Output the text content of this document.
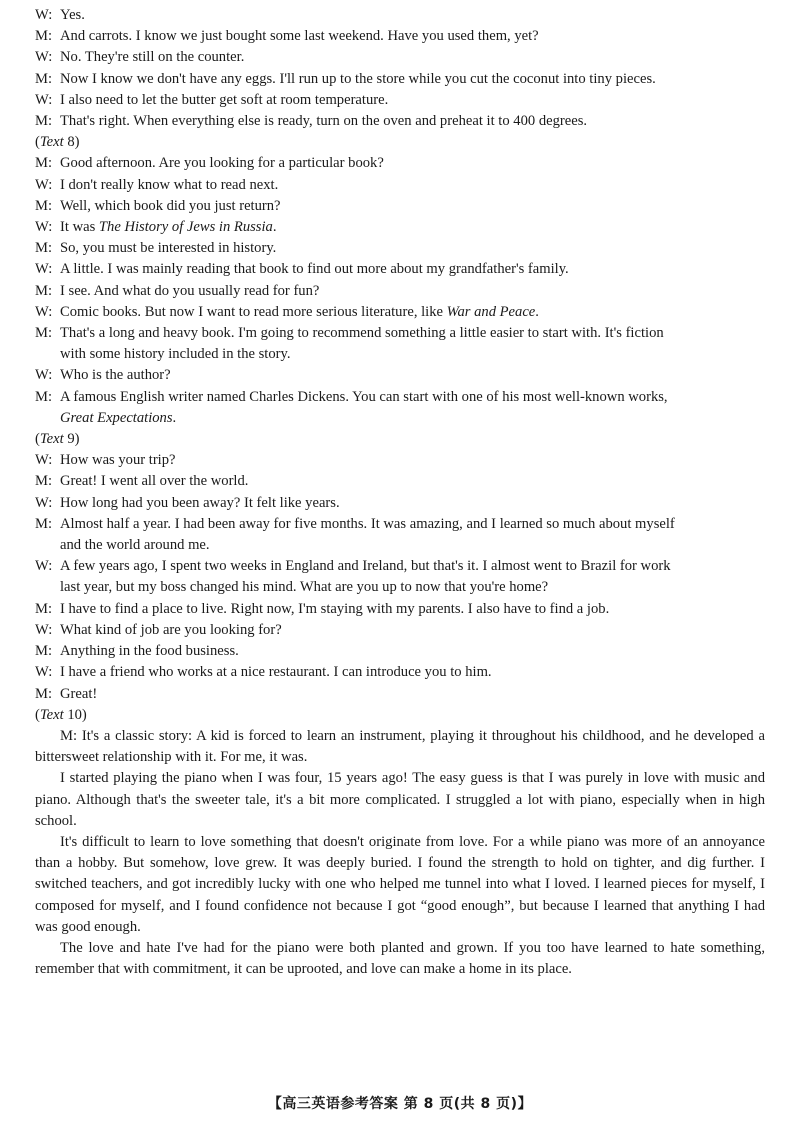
W: Yes.
M: And carrots. I know we just bought some last weekend. Have you used them, yet?
W: No. They're still on the counter.
M: Now I know we don't have any eggs. I'll run up to the store while you cut the coconut into tiny pieces.
W: I also need to let the butter get soft at room temperature.
M: That's right. When everything else is ready, turn on the oven and preheat it to 400 degrees.
(Text 8)
M: Good afternoon. Are you looking for a particular book?
W: I don't really know what to read next.
M: Well, which book did you just return?
W: It was The History of Jews in Russia.
M: So, you must be interested in history.
W: A little. I was mainly reading that book to find out more about my grandfather's family.
M: I see. And what do you usually read for fun?
W: Comic books. But now I want to read more serious literature, like War and Peace.
M: That's a long and heavy book. I'm going to recommend something a little easier to start with. It's fiction
with some history included in the story.
W: Who is the author?
M: A famous English writer named Charles Dickens. You can start with one of his most well-known works,
Great Expectations.
(Text 9)
W: How was your trip?
M: Great! I went all over the world.
W: How long had you been away? It felt like years.
M: Almost half a year. I had been away for five months. It was amazing, and I learned so much about myself
and the world around me.
W: A few years ago, I spent two weeks in England and Ireland, but that's it. I almost went to Brazil for work
last year, but my boss changed his mind. What are you up to now that you're home?
M: I have to find a place to live. Right now, I'm staying with my parents. I also have to find a job.
W: What kind of job are you looking for?
M: Anything in the food business.
W: I have a friend who works at a nice restaurant. I can introduce you to him.
M: Great!
(Text 10)
M: It's a classic story: A kid is forced to learn an instrument, playing it throughout his childhood, and he developed a bittersweet relationship with it. For me, it was.
I started playing the piano when I was four, 15 years ago! The easy guess is that I was purely in love with music and piano. Although that's the sweeter tale, it's a bit more complicated. I struggled a lot with piano, especially when in high school.
It's difficult to learn to love something that doesn't originate from love. For a while piano was more of an annoyance than a hobby. But somehow, love grew. It was deeply buried. I found the strength to hold on tighter, and dig further. I switched teachers, and got incredibly lucky with one who helped me tunnel into what I loved. I learned pieces for myself, I composed for myself, and I found confidence not because I got “good enough”, but because I learned that anything I had was good enough.
The love and hate I've had for the piano were both planted and grown. If you too have learned to hate something, remember that with commitment, it can be uprooted, and love can make a home in its place.
【高三英语参考答案 第 8 页(共 8 页)】
